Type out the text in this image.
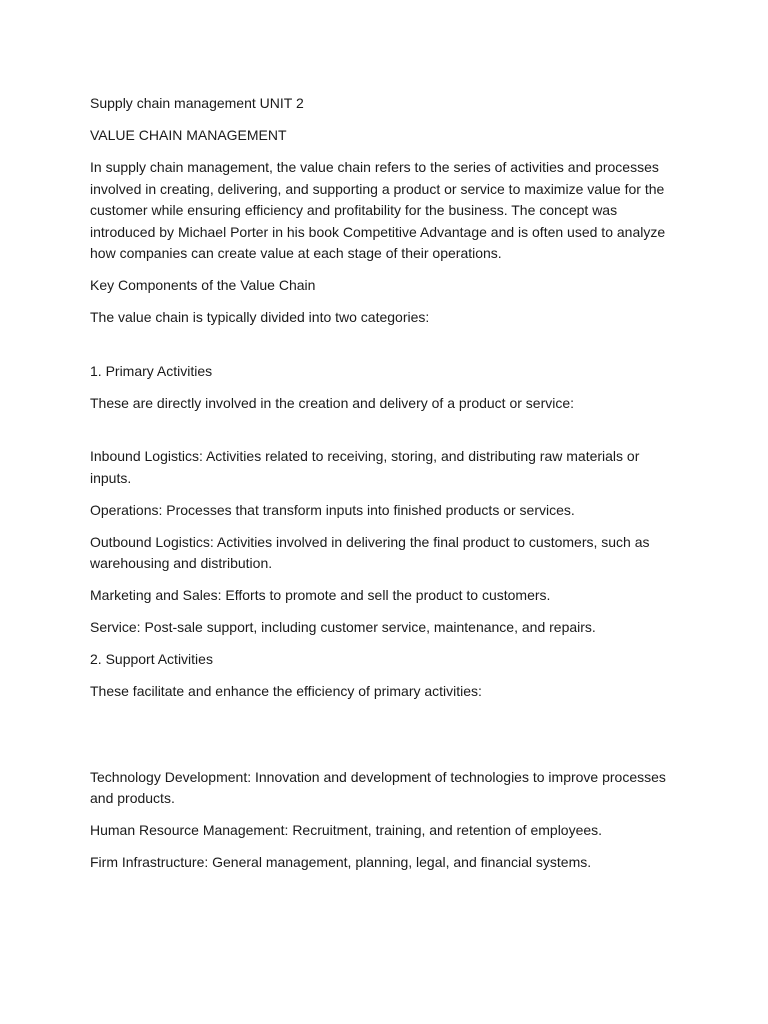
Supply chain management UNIT 2

VALUE CHAIN MANAGEMENT

In supply chain management, the value chain refers to the series of activities and processes involved in creating, delivering, and supporting a product or service to maximize value for the customer while ensuring efficiency and profitability for the business. The concept was introduced by Michael Porter in his book Competitive Advantage and is often used to analyze how companies can create value at each stage of their operations.

Key Components of the Value Chain

The value chain is typically divided into two categories:

1. Primary Activities

These are directly involved in the creation and delivery of a product or service:

Inbound Logistics: Activities related to receiving, storing, and distributing raw materials or inputs.

Operations: Processes that transform inputs into finished products or services.

Outbound Logistics: Activities involved in delivering the final product to customers, such as warehousing and distribution.

Marketing and Sales: Efforts to promote and sell the product to customers.

Service: Post-sale support, including customer service, maintenance, and repairs.

2. Support Activities

These facilitate and enhance the efficiency of primary activities:

Technology Development: Innovation and development of technologies to improve processes and products.

Human Resource Management: Recruitment, training, and retention of employees.

Firm Infrastructure: General management, planning, legal, and financial systems.
